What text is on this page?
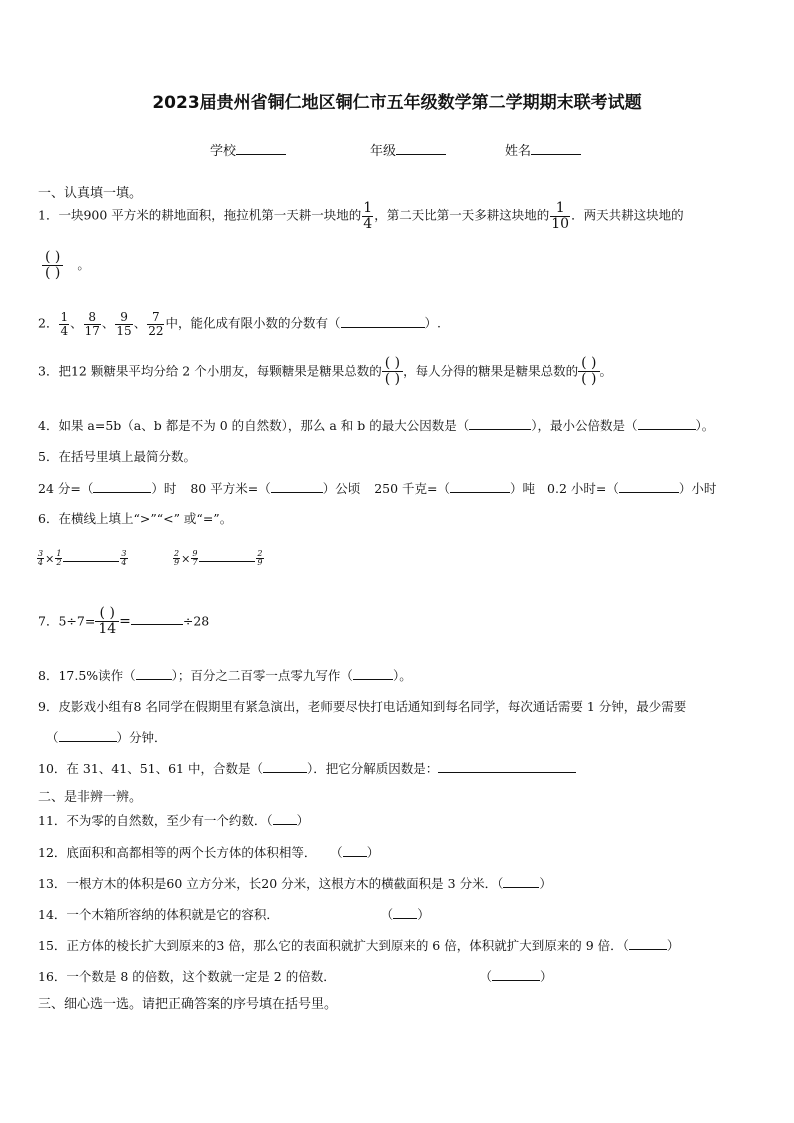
2023届贵州省铜仁地区铜仁市五年级数学第二学期期末联考试题
学校	年级	姓名
一、认真填一填。
1．一块900 平方米的耕地面积，拖拉机第一天耕一块地的 $\frac{1}{4}$ ，第二天比第一天多耕这块地的 $\frac{1}{10}$ ．两天共耕这块地的
$\frac{( )}{( )}$ 。
2． $\frac{1}{4}$ 、 $\frac{8}{17}$ 、 $\frac{9}{15}$ 、 $\frac{7}{22}$ 中，能化成有限小数的分数有（	）.
3．把12 颗糖果平均分给 2 个小朋友，每颗糖果是糖果总数的 $\frac{( )}{( )}$ ，每人分得的糖果是糖果总数的 $\frac{( )}{( )}$ 。
4．如果 a=5b（a、b 都是不为 0 的自然数），那么 a 和 b 的最大公因数是（	），最小公倍数是（	）。
5．在括号里填上最简分数。
24 分=（	）时 80 平方米=（	）公顷 250 千克=（	）吨 0.2 小时=（	）小时
6．在横线上填上“>”“<” 或“=”。
$\frac{3}{4} \times \frac{1}{2}$	$\frac{3}{4}$	$\frac{2}{9} \times \frac{9}{7}$	$\frac{2}{9}$
7．$5\div 7= \frac{( )}{14}$ =	÷28
8．17.5%读作（	）；百分之二百零一点零九写作（	）。
9．皮影戏小组有8 名同学在假期里有紧急演出，老师要尽快打电话通知到每名同学，每次通话需要 1 分钟，最少需要
（	）分钟．
10．在 31、41、51、61 中，合数是（	）．把它分解质因数是：
二、是非辨一辨。
11．不为零的自然数，至少有一个约数．（ ）
12．底面积和高都相等的两个长方体的体积相等． （ ）
13．一根方木的体积是60 立方分米，长20 分米，这根方木的横截面积是 3 分米．（	）
14．一个木箱所容纳的体积就是它的容积．	（ ）
15．正方体的棱长扩大到原来的3 倍，那么它的表面积就扩大到原来的 6 倍，体积就扩大到原来的 9 倍．（	）
16．一个数是 8 的倍数，这个数就一定是 2 的倍数．	（	）
三、细心选一选。请把正确答案的序号填在括号里。
